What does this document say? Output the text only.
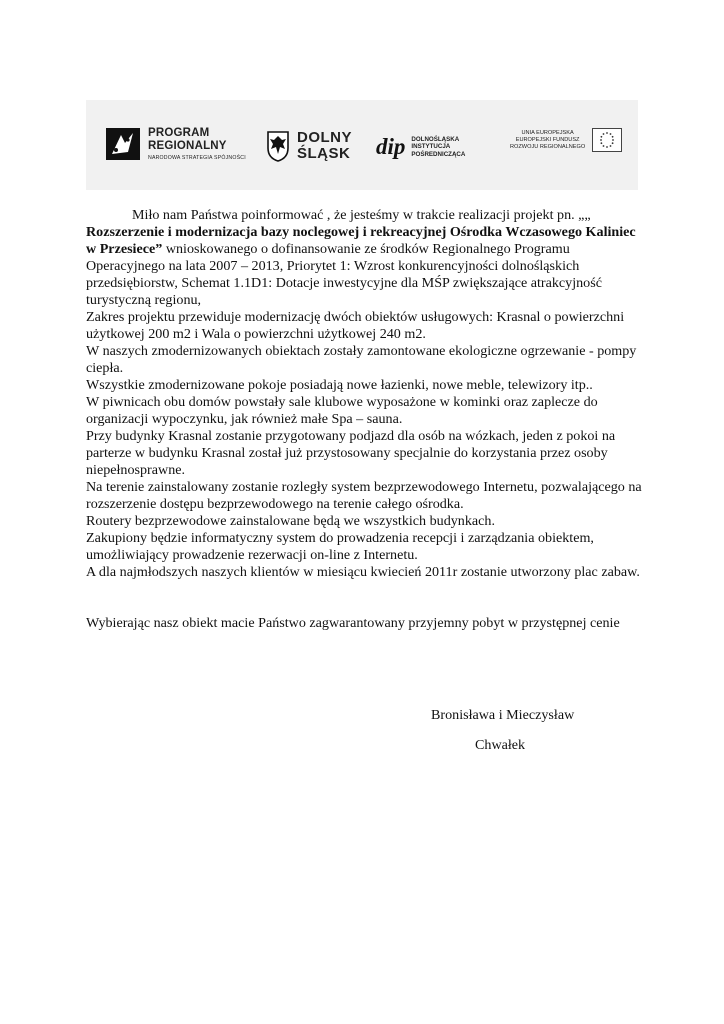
PROGRAM
REGIONALNY
NARODOWA STRATEGIA SPÓJNOŚCI
DOLNY
ŚLĄSK dip DOLNOŚLĄSKA
INSTYTUCJA
POŚREDNICZĄCA
UNIA EUROPEJSKA
EUROPEJSKI FUNDUSZ
ROZWOJU REGIONALNEGO

Miło nam Państwa poinformować , że jesteśmy w trakcie realizacji projekt pn. „„ Rozszerzenie i modernizacja bazy noclegowej i rekreacyjnej Ośrodka Wczasowego Kaliniec w Przesiece” wnioskowanego o dofinansowanie ze środków Regionalnego Programu Operacyjnego na lata 2007 – 2013, Priorytet 1: Wzrost konkurencyjności dolnośląskich przedsiębiorstw, Schemat 1.1D1: Dotacje inwestycyjne dla MŚP zwiększające atrakcyjność turystyczną regionu,

Zakres projektu przewiduje modernizację dwóch obiektów usługowych: Krasnal o powierzchni użytkowej 200 m2 i Wala o powierzchni użytkowej 240 m2.

W naszych zmodernizowanych obiektach zostały zamontowane ekologiczne ogrzewanie - pompy ciepła.

Wszystkie zmodernizowane pokoje posiadają nowe łazienki, nowe meble, telewizory itp..

W piwnicach obu domów powstały sale klubowe wyposażone w kominki oraz zaplecze do organizacji wypoczynku, jak również małe Spa – sauna.

Przy budynky Krasnal zostanie przygotowany podjazd dla osób na wózkach, jeden z pokoi na parterze w budynku Krasnal został już przystosowany specjalnie do korzystania przez osoby niepełnosprawne.

Na terenie zainstalowany zostanie rozległy system bezprzewodowego Internetu, pozwalającego na rozszerzenie dostępu bezprzewodowego na terenie całego ośrodka.

Routery bezprzewodowe zainstalowane będą we wszystkich budynkach.

Zakupiony będzie informatyczny system do prowadzenia recepcji i zarządzania obiektem, umożliwiający prowadzenie rezerwacji on-line z Internetu.

A dla najmłodszych naszych klientów w miesiącu kwiecień 2011r zostanie utworzony plac zabaw.

Wybierając nasz obiekt macie Państwo zagwarantowany przyjemny pobyt w przystępnej cenie

Bronisława i Mieczysław
Chwałek
